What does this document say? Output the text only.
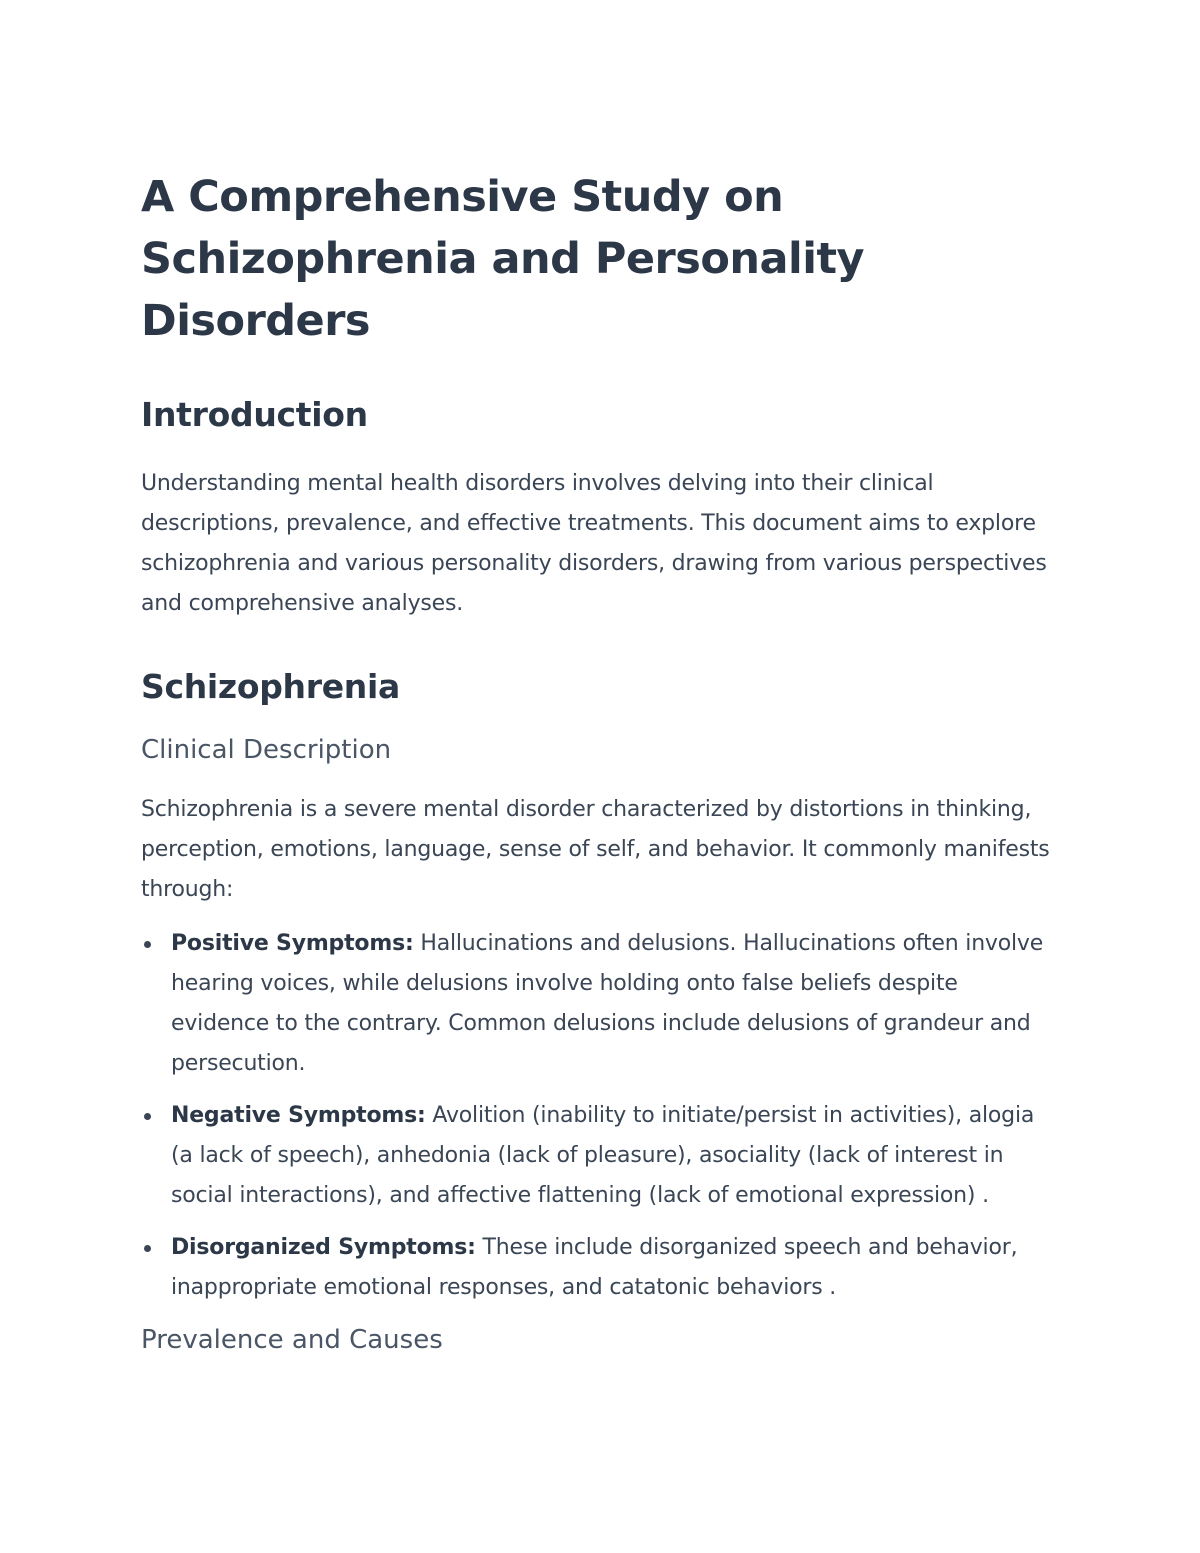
A Comprehensive Study on Schizophrenia and Personality Disorders
Introduction

Understanding mental health disorders involves delving into their clinical descriptions, prevalence, and effective treatments. This document aims to explore schizophrenia and various personality disorders, drawing from various perspectives and comprehensive analyses.

Schizophrenia
Clinical Description

Schizophrenia is a severe mental disorder characterized by distortions in thinking, perception, emotions, language, sense of self, and behavior. It commonly manifests through:

Positive Symptoms: Hallucinations and delusions. Hallucinations often involve hearing voices, while delusions involve holding onto false beliefs despite evidence to the contrary. Common delusions include delusions of grandeur and persecution.
Negative Symptoms: Avolition (inability to initiate/persist in activities), alogia (a lack of speech), anhedonia (lack of pleasure), asociality (lack of interest in social interactions), and affective flattening (lack of emotional expression) .
Disorganized Symptoms: These include disorganized speech and behavior, inappropriate emotional responses, and catatonic behaviors .
Prevalence and Causes
